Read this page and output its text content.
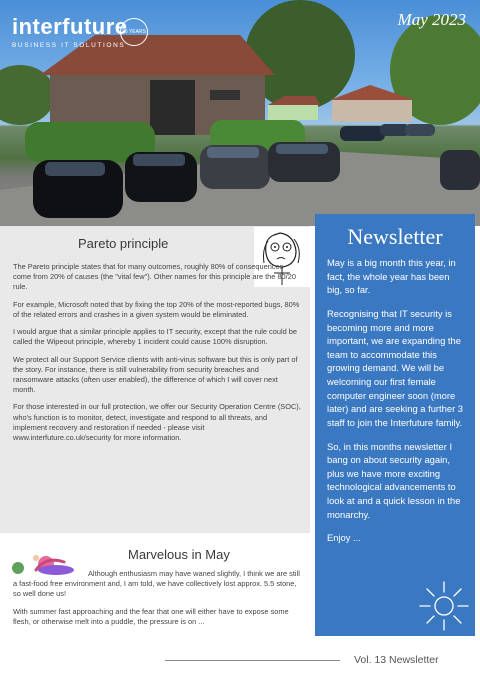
interfuture
BUSINESS IT SOLUTIONS
25 YEARS
May 2023
Pareto principle

The Pareto principle states that for many outcomes, roughly 80% of consequences come from 20% of causes (the "vital few"). Other names for this principle are the 80/20 rule.

For example, Microsoft noted that by fixing the top 20% of the most-reported bugs, 80% of the related errors and crashes in a given system would be eliminated.

I would argue that a similar principle applies to IT security, except that the rule could be called the Wipeout principle, whereby 1 incident could cause 100% disruption.

We protect all our Support Service clients with anti-virus software but this is only part of the story. For instance, there is still vulnerability from security breaches and ransomware attacks (often user enabled), the difference of which I will cover next month.

For those interested in our full protection, we offer our Security Operation Centre (SOC), who's function is to monitor, detect, investigate and respond to all threats, and implement recovery and restoration if needed - please visit www.interfuture.co.uk/security for more information.

Newsletter

May is a big month this year, in fact, the whole year has been big, so far.

Recognising that IT security is becoming more and more important, we are expanding the team to accommodate this growing demand. We will be welcoming our first female computer engineer soon (more later) and are seeking a further 3 staff to join the Interfuture family.

So, in this months newsletter I bang on about security again, plus we have more exciting technological advancements to look at and a quick lesson in the monarchy.

Enjoy ...

Marvelous in May

Although enthusiasm may have waned slightly, I think we are still a fast-food free environment and, I am told, we have collectively lost approx. 5.5 stone, so well done us!

With summer fast approaching and the fear that one will either have to expose some flesh, or otherwise melt into a puddle, the pressure is on ...

Vol. 13 Newsletter
